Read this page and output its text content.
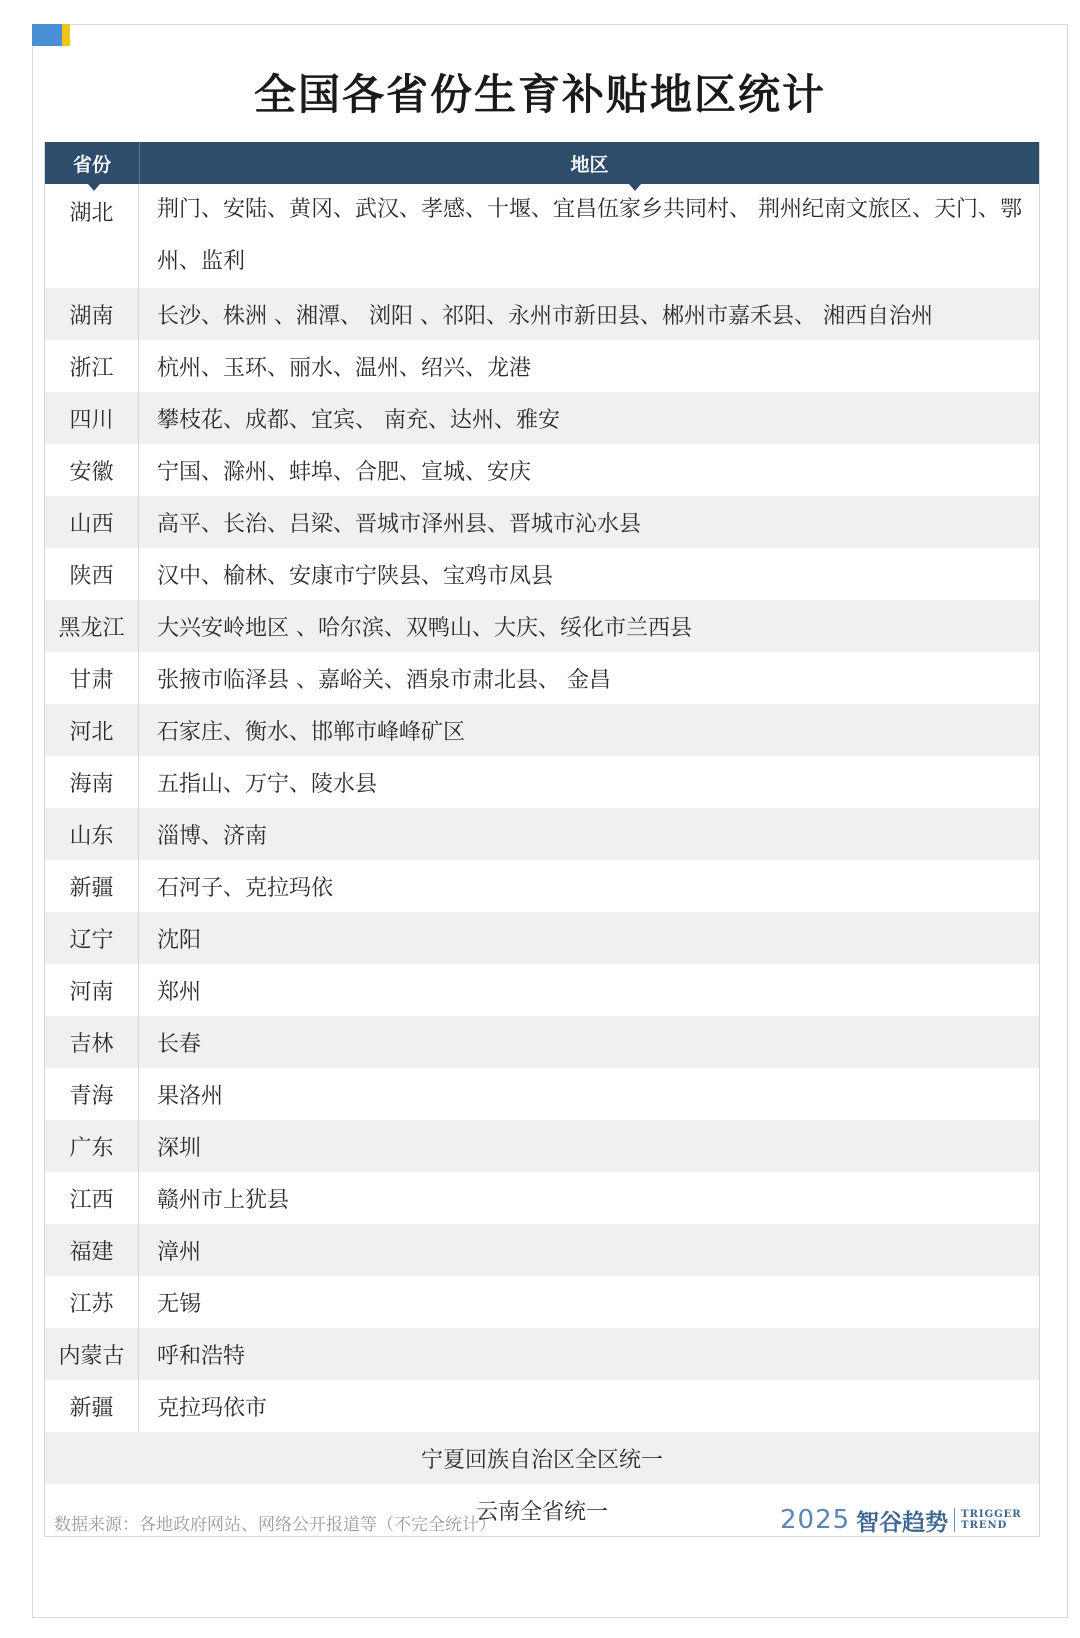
全国各省份生育补贴地区统计
省份	地区
湖北	荆门、安陆、黄冈、武汉、孝感、十堰、宜昌伍家乡共同村、 荆州纪南文旅区、天门、鄂州、监利
湖南	长沙、株洲 、湘潭、 浏阳 、祁阳、永州市新田县、郴州市嘉禾县、 湘西自治州
浙江	杭州、玉环、丽水、温州、绍兴、龙港
四川	攀枝花、成都、宜宾、 南充、达州、雅安
安徽	宁国、滁州、蚌埠、合肥、宣城、安庆
山西	高平、长治、吕梁、晋城市泽州县、晋城市沁水县
陕西	汉中、榆林、安康市宁陕县、宝鸡市凤县
黑龙江	大兴安岭地区 、哈尔滨、双鸭山、大庆、绥化市兰西县
甘肃	张掖市临泽县 、嘉峪关、酒泉市肃北县、 金昌
河北	石家庄、衡水、邯郸市峰峰矿区
海南	五指山、万宁、陵水县
山东	淄博、济南
新疆	石河子、克拉玛依
辽宁	沈阳
河南	郑州
吉林	长春
青海	果洛州
广东	深圳
江西	赣州市上犹县
福建	漳州
江苏	无锡
内蒙古	呼和浩特
新疆	克拉玛依市
宁夏回族自治区全区统一
云南全省统一
数据来源：各地政府网站、网络公开报道等（不完全统计）	2025 智谷趋势 TRIGGER
TREND
